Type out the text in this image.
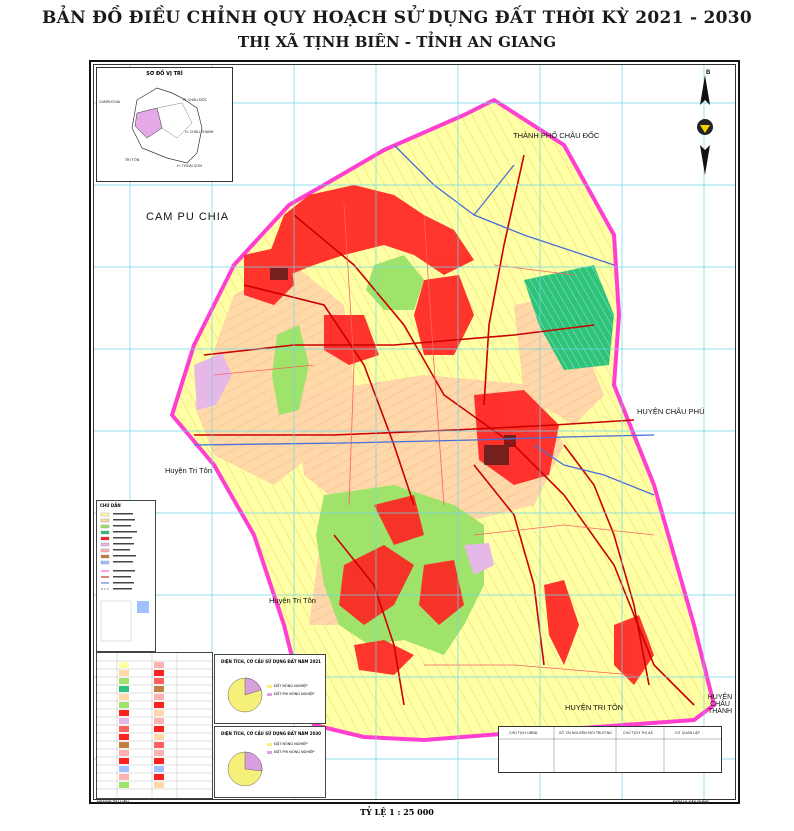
BẢN ĐỒ ĐIỀU CHỈNH QUY HOẠCH SỬ DỤNG ĐẤT THỜI KỲ 2021 - 2030
THỊ XÃ TỊNH BIÊN - TỈNH AN GIANG
CAM PU CHIA
THÀNH PHỐ CHÂU ĐỐC
HUYỆN CHÂU PHÚ
Huyện Tri Tôn
Huyện Tri Tôn
HUYỆN TRI TÔN
HUYỆN
CHÂU
THÀNH
B
SƠ ĐỒ VỊ TRÍ
CAMPUCHIA	TP. CHÂU ĐỐC
H. CHÂU THÀNH
TRI TÔN
H. THOẠI SƠN
CHÚ DẪN
DIỆN TÍCH, CƠ CẤU SỬ DỤNG ĐẤT NĂM 2021
ĐẤT NÔNG NGHIỆP
ĐẤT PHI NÔNG NGHIỆP
DIỆN TÍCH, CƠ CẤU SỬ DỤNG ĐẤT NĂM 2030
ĐẤT NÔNG NGHIỆP
ĐẤT PHI NÔNG NGHIỆP
CHỦ TỊCH UBND	SỞ TÀI NGUYÊN MÔI TRƯỜNG	CHỦ TỊCH THỊ XÃ	CƠ QUAN LẬP
NGUỒN TÀI LIỆU	ĐƠN VỊ XÂY DỰNG
TỶ LỆ 1 : 25 000
